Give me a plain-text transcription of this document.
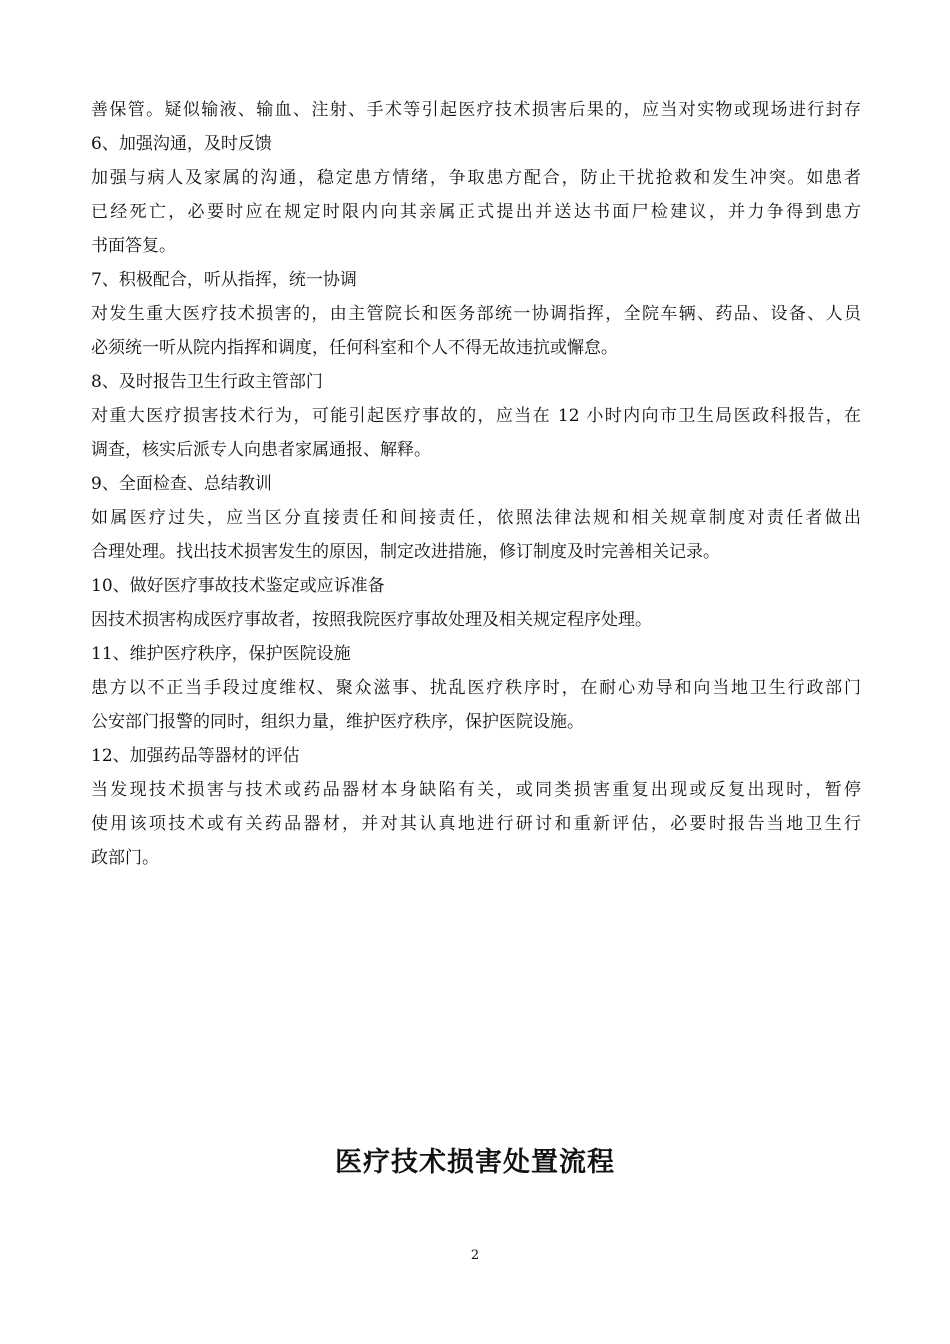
善保管。疑似输液、输血、注射、手术等引起医疗技术损害后果的，应当对实物或现场进行封存
6、加强沟通，及时反馈
加强与病人及家属的沟通，稳定患方情绪，争取患方配合，防止干扰抢救和发生冲突。如患者
已经死亡，必要时应在规定时限内向其亲属正式提出并送达书面尸检建议，并力争得到患方
书面答复。
7、积极配合，听从指挥，统一协调
对发生重大医疗技术损害的，由主管院长和医务部统一协调指挥，全院车辆、药品、设备、人员
必须统一听从院内指挥和调度，任何科室和个人不得无故违抗或懈怠。
8、及时报告卫生行政主管部门
对重大医疗损害技术行为，可能引起医疗事故的，应当在 12 小时内向市卫生局医政科报告，在
调查，核实后派专人向患者家属通报、解释。
9、全面检查、总结教训
如属医疗过失，应当区分直接责任和间接责任，依照法律法规和相关规章制度对责任者做出
合理处理。找出技术损害发生的原因，制定改进措施，修订制度及时完善相关记录。
10、做好医疗事故技术鉴定或应诉准备
因技术损害构成医疗事故者，按照我院医疗事故处理及相关规定程序处理。
11、维护医疗秩序，保护医院设施
患方以不正当手段过度维权、聚众滋事、扰乱医疗秩序时，在耐心劝导和向当地卫生行政部门
公安部门报警的同时，组织力量，维护医疗秩序，保护医院设施。
12、加强药品等器材的评估
当发现技术损害与技术或药品器材本身缺陷有关，或同类损害重复出现或反复出现时，暂停
使用该项技术或有关药品器材，并对其认真地进行研讨和重新评估，必要时报告当地卫生行
政部门。
医疗技术损害处置流程
2
